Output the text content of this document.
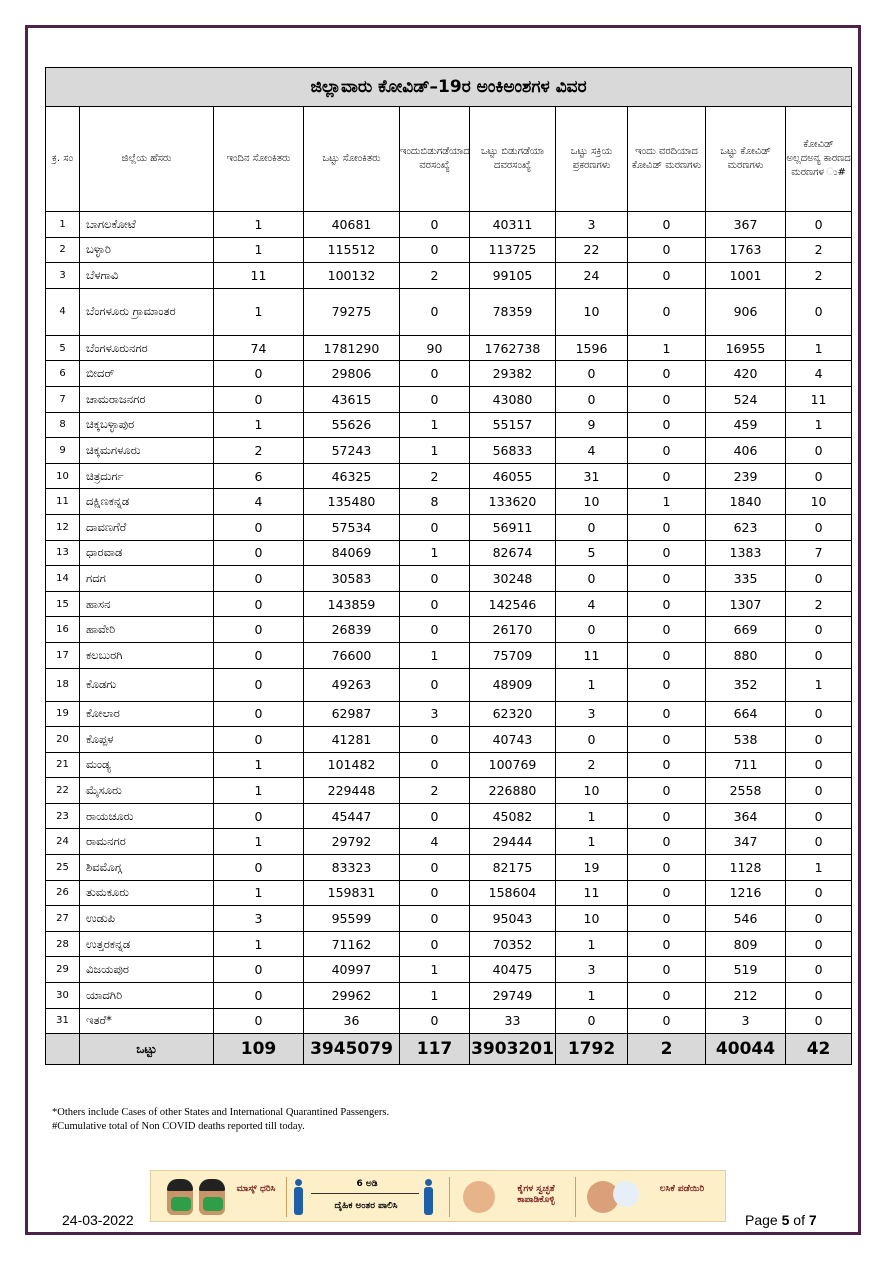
ಜಿಲ್ಲಾವಾರು ಕೋವಿಡ್–19ರ ಅಂಕಿಅಂಶಗಳ ವಿವರ									
ಕ್ರ. ಸಂ	ಜಿಲ್ಲೆಯ ಹೆಸರು	ಇಂದಿನ ಸೋಂಕಿತರು	ಒಟ್ಟು ಸೋಂಕಿತರು	ಇಂದುಬಿಡುಗಡೆಯಾದ ವರಸಂಖ್ಯೆ	ಒಟ್ಟು ಬಿಡುಗಡೆಯಾ ದವರಸಂಖ್ಯೆ	ಒಟ್ಟು ಸಕ್ರಿಯ ಪ್ರಕರಣಗಳು	ಇಂದು ವರದಿಯಾದ ಕೋವಿಡ್ ಮರಣಗಳು	ಒಟ್ಟು ಕೋವಿಡ್ ಮರಣಗಳು	ಕೋವಿಡ್ ಅಲ್ಲದಅನ್ಯ ಕಾರಣದ ಮರಣಗಳ ು#
1	ಬಾಗಲಕೋಟೆ	1	40681	0	40311	3	0	367	0
2	ಬಳ್ಳಾರಿ	1	115512	0	113725	22	0	1763	2
3	ಬೆಳಗಾವಿ	11	100132	2	99105	24	0	1001	2
4	ಬೆಂಗಳೂರು ಗ್ರಾಮಾಂತರ	1	79275	0	78359	10	0	906	0
5	ಬೆಂಗಳೂರುನಗರ	74	1781290	90	1762738	1596	1	16955	1
6	ಬೀದರ್	0	29806	0	29382	0	0	420	4
7	ಚಾಮರಾಜನಗರ	0	43615	0	43080	0	0	524	11
8	ಚಿಕ್ಕಬಳ್ಳಾಪುರ	1	55626	1	55157	9	0	459	1
9	ಚಿಕ್ಕಮಗಳೂರು	2	57243	1	56833	4	0	406	0
10	ಚಿತ್ರದುರ್ಗ	6	46325	2	46055	31	0	239	0
11	ದಕ್ಷಿಣಕನ್ನಡ	4	135480	8	133620	10	1	1840	10
12	ದಾವಣಗೆರೆ	0	57534	0	56911	0	0	623	0
13	ಧಾರವಾಡ	0	84069	1	82674	5	0	1383	7
14	ಗದಗ	0	30583	0	30248	0	0	335	0
15	ಹಾಸನ	0	143859	0	142546	4	0	1307	2
16	ಹಾವೇರಿ	0	26839	0	26170	0	0	669	0
17	ಕಲಬುರಗಿ	0	76600	1	75709	11	0	880	0
18	ಕೊಡಗು	0	49263	0	48909	1	0	352	1
19	ಕೋಲಾರ	0	62987	3	62320	3	0	664	0
20	ಕೊಪ್ಪಳ	0	41281	0	40743	0	0	538	0
21	ಮಂಡ್ಯ	1	101482	0	100769	2	0	711	0
22	ಮೈಸೂರು	1	229448	2	226880	10	0	2558	0
23	ರಾಯಚೂರು	0	45447	0	45082	1	0	364	0
24	ರಾಮನಗರ	1	29792	4	29444	1	0	347	0
25	ಶಿವಮೊಗ್ಗ	0	83323	0	82175	19	0	1128	1
26	ತುಮಕೂರು	1	159831	0	158604	11	0	1216	0
27	ಉಡುಪಿ	3	95599	0	95043	10	0	546	0
28	ಉತ್ತರಕನ್ನಡ	1	71162	0	70352	1	0	809	0
29	ವಿಜಯಪುರ	0	40997	1	40475	3	0	519	0
30	ಯಾದಗಿರಿ	0	29962	1	29749	1	0	212	0
31	ಇತರೆ*	0	36	0	33	0	0	3	0
	ಒಟ್ಟು	109	3945079	117	3903201	1792	2	40044	42
*Others include Cases of other States and International Quarantined Passengers.
#Cumulative total of Non COVID deaths reported till today.
ಮಾಸ್ಕ್ ಧರಿಸಿ	6 ಅಡಿ
ದೈಹಿಕ ಅಂತರ ಪಾಲಿಸಿ
ಕೈಗಳ ಸ್ವಚ್ಛತೆ ಕಾಪಾಡಿಕೊಳ್ಳಿ
ಲಸಿಕೆ ಪಡೆಯಿರಿ
24-03-2022	Page 5 of 7
